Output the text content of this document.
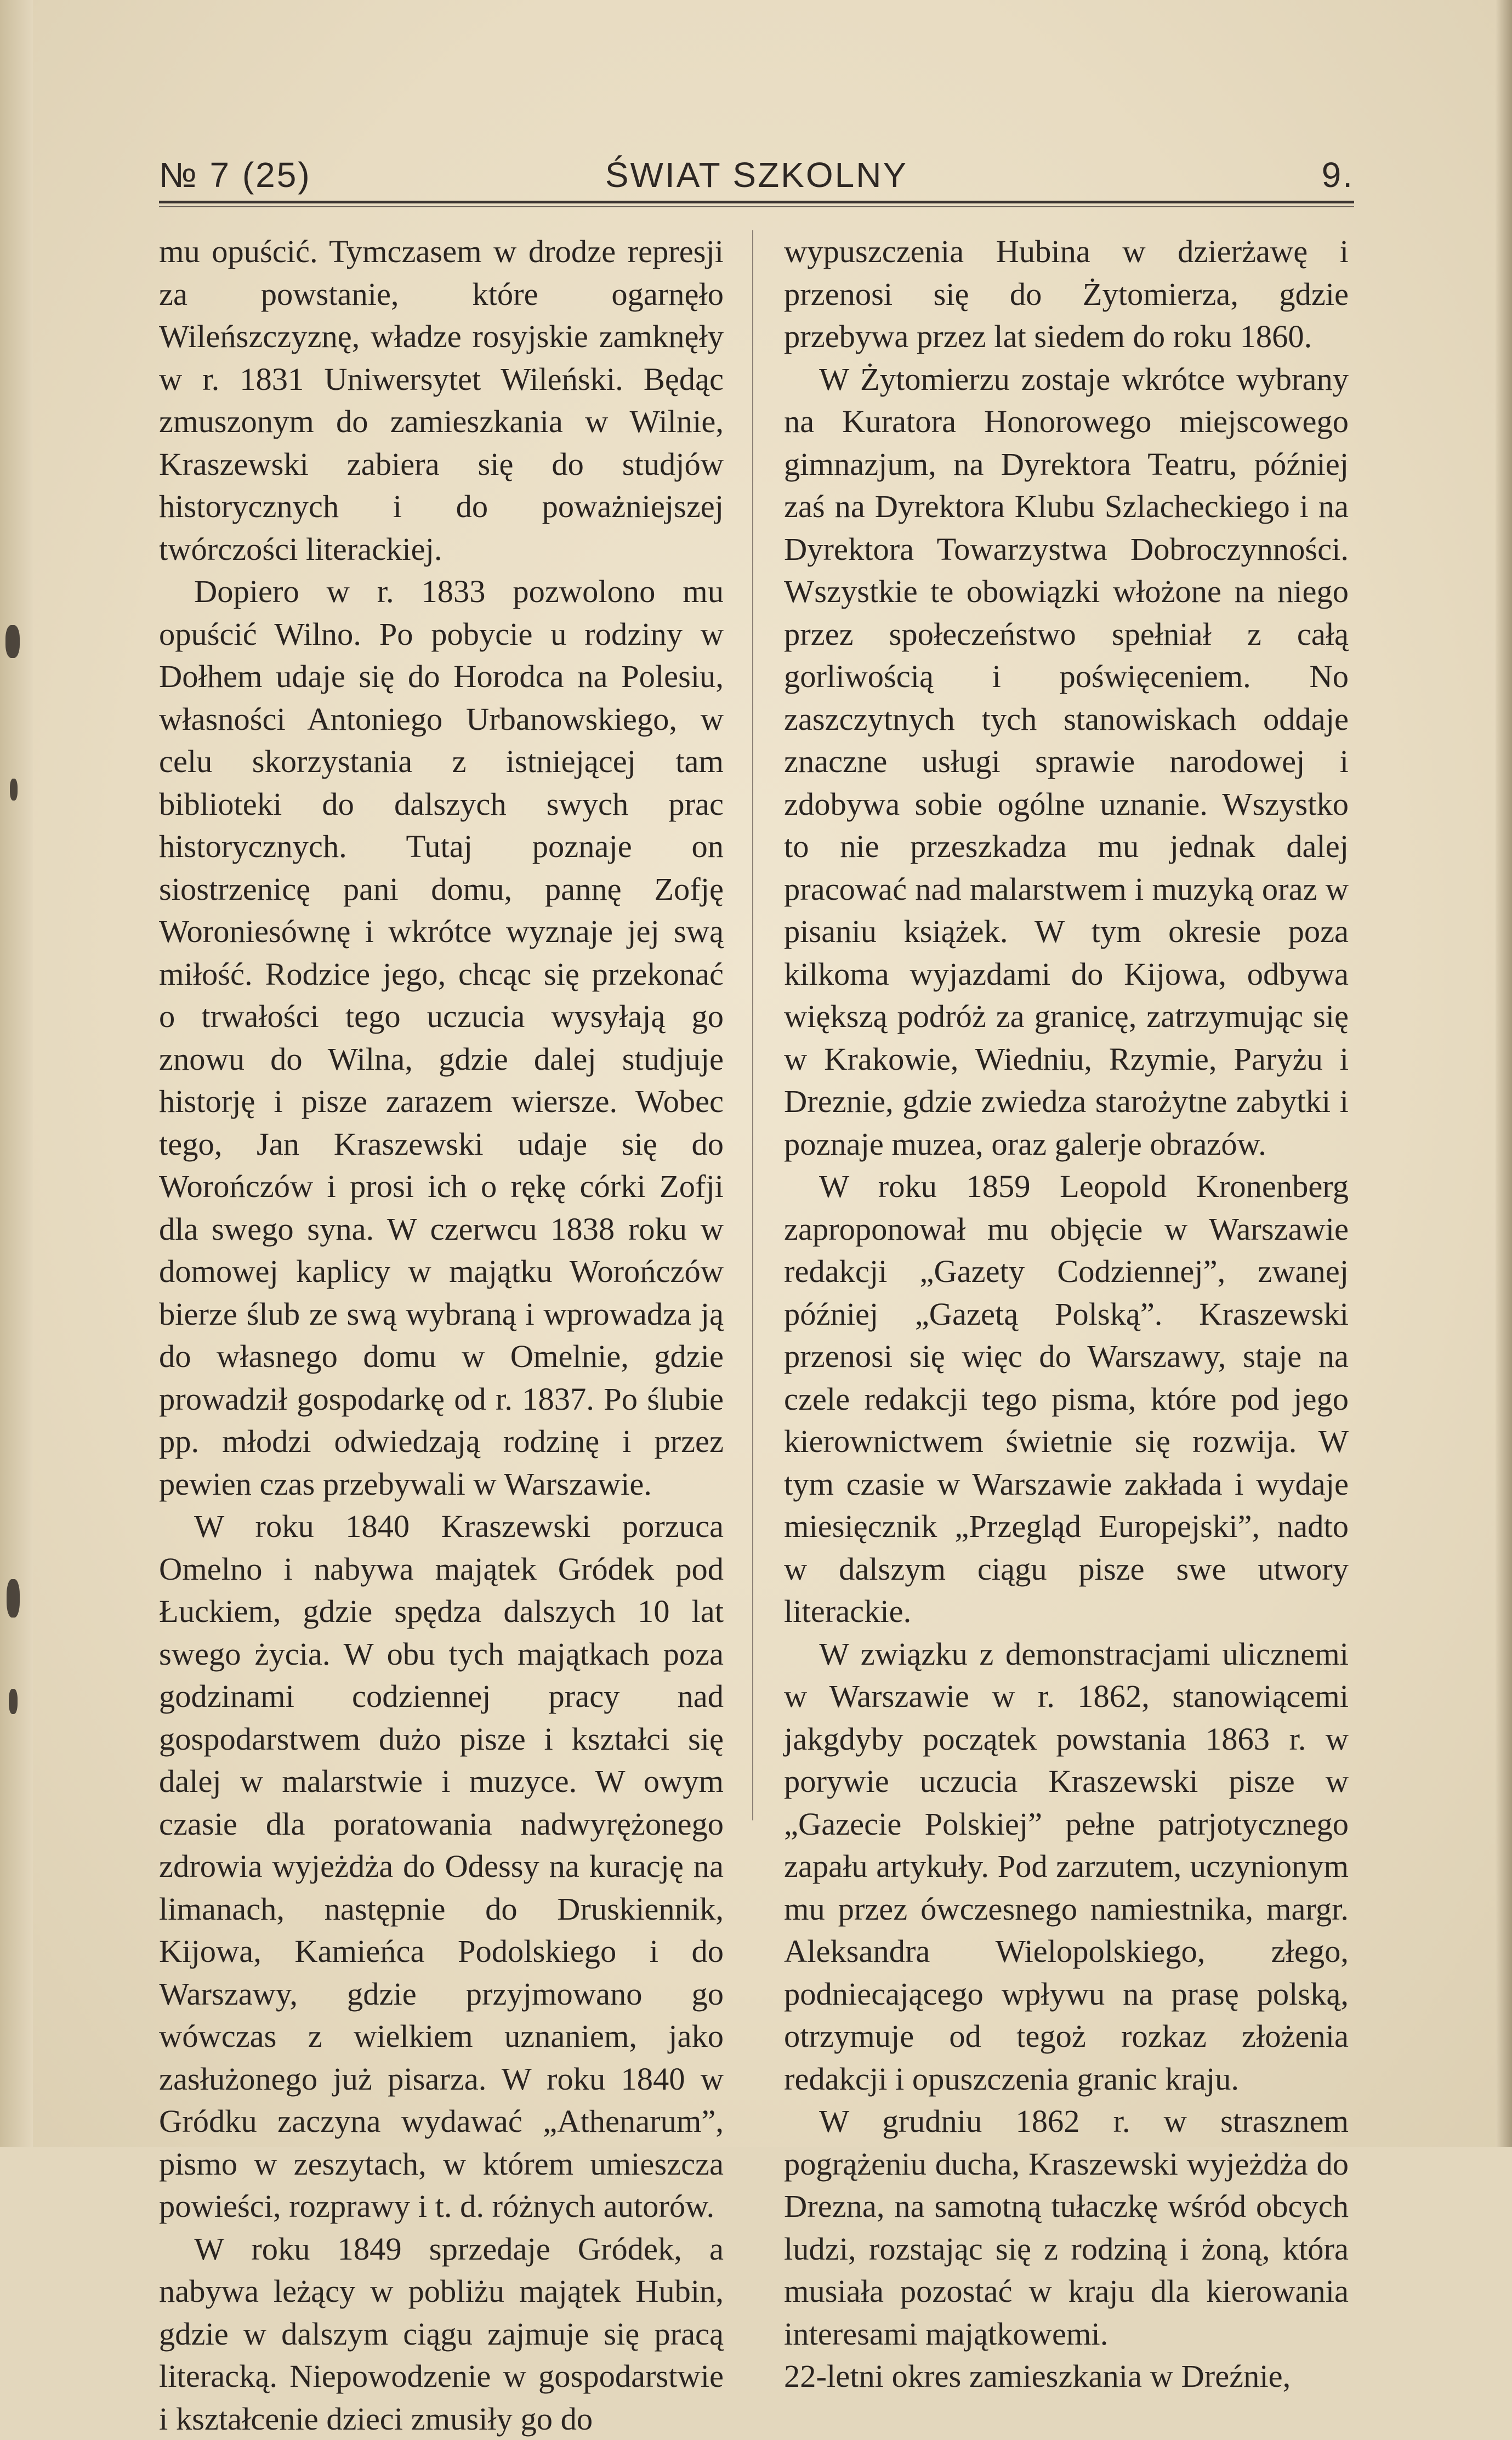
№ 7 (25)	ŚWIAT SZKOLNY	9.

mu opuścić. Tymczasem w drodze represji za powstanie, które ogarnęło Wileńszczyznę, władze rosyjskie zamknęły w r. 1831 Uniwersytet Wileński. Będąc zmuszonym do zamieszkania w Wilnie, Kraszewski zabiera się do studjów historycznych i do poważniejszej twórczości literackiej.

Dopiero w r. 1833 pozwolono mu opuścić Wilno. Po pobycie u rodziny w Dołhem udaje się do Horodca na Polesiu, własności Antoniego Urbanowskiego, w celu skorzystania z istniejącej tam biblioteki do dalszych swych prac historycznych. Tutaj poznaje on siostrzenicę pani domu, pannę Zofję Woroniesównę i wkrótce wyznaje jej swą miłość. Rodzice jego, chcąc się przekonać o trwałości tego uczucia wysyłają go znowu do Wilna, gdzie dalej studjuje historję i pisze zarazem wiersze. Wobec tego, Jan Kraszewski udaje się do Worończów i prosi ich o rękę córki Zofji dla swego syna. W czerwcu 1838 roku w domowej kaplicy w majątku Worończów bierze ślub ze swą wybraną i wprowadza ją do własnego domu w Omelnie, gdzie prowadził gospodarkę od r. 1837. Po ślubie pp. młodzi odwiedzają rodzinę i przez pewien czas przebywali w Warszawie.

W roku 1840 Kraszewski porzuca Omelno i nabywa majątek Gródek pod Łuckiem, gdzie spędza dalszych 10 lat swego życia. W obu tych majątkach poza godzinami codziennej pracy nad gospodarstwem dużo pisze i kształci się dalej w malarstwie i muzyce. W owym czasie dla poratowania nadwyrężonego zdrowia wyjeżdża do Odessy na kurację na limanach, następnie do Druskiennik, Kijowa, Kamieńca Podolskiego i do Warszawy, gdzie przyjmowano go wówczas z wielkiem uznaniem, jako zasłużonego już pisarza. W roku 1840 w Gródku zaczyna wydawać „Athenarum”, pismo w zeszytach, w którem umieszcza powieści, rozprawy i t. d. różnych autorów.

W roku 1849 sprzedaje Gródek, a nabywa leżący w pobliżu majątek Hubin, gdzie w dalszym ciągu zajmuje się pracą literacką. Niepowodzenie w gospodarstwie i kształcenie dzieci zmusiły go do

wypuszczenia Hubina w dzierżawę i przenosi się do Żytomierza, gdzie przebywa przez lat siedem do roku 1860.

W Żytomierzu zostaje wkrótce wybrany na Kuratora Honorowego miejscowego gimnazjum, na Dyrektora Teatru, później zaś na Dyrektora Klubu Szlacheckiego i na Dyrektora Towarzystwa Dobroczynności. Wszystkie te obowiązki włożone na niego przez społeczeństwo spełniał z całą gorliwością i poświęceniem. No zaszczytnych tych stanowiskach oddaje znaczne usługi sprawie narodowej i zdobywa sobie ogólne uznanie. Wszystko to nie przeszkadza mu jednak dalej pracować nad malarstwem i muzyką oraz w pisaniu książek. W tym okresie poza kilkoma wyjazdami do Kijowa, odbywa większą podróż za granicę, zatrzymując się w Krakowie, Wiedniu, Rzymie, Paryżu i Dreznie, gdzie zwiedza starożytne zabytki i poznaje muzea, oraz galerje obrazów.

W roku 1859 Leopold Kronenberg zaproponował mu objęcie w Warszawie redakcji „Gazety Codziennej”, zwanej później „Gazetą Polską”. Kraszewski przenosi się więc do Warszawy, staje na czele redakcji tego pisma, które pod jego kierownictwem świetnie się rozwija. W tym czasie w Warszawie zakłada i wydaje miesięcznik „Przegląd Europejski”, nadto w dalszym ciągu pisze swe utwory literackie.

W związku z demonstracjami ulicznemi w Warszawie w r. 1862, stanowiącemi jakgdyby początek powstania 1863 r. w porywie uczucia Kraszewski pisze w „Gazecie Polskiej” pełne patrjotycznego zapału artykuły. Pod zarzutem, uczynionym mu przez ówczesnego namiestnika, margr. Aleksandra Wielopolskiego, złego, podniecającego wpływu na prasę polską, otrzymuje od tegoż rozkaz złożenia redakcji i opuszczenia granic kraju.

W grudniu 1862 r. w strasznem pogrążeniu ducha, Kraszewski wyjeżdża do Drezna, na samotną tułaczkę wśród obcych ludzi, rozstając się z rodziną i żoną, która musiała pozostać w kraju dla kierowania interesami majątkowemi.

22-letni okres zamieszkania w Dreźnie,
